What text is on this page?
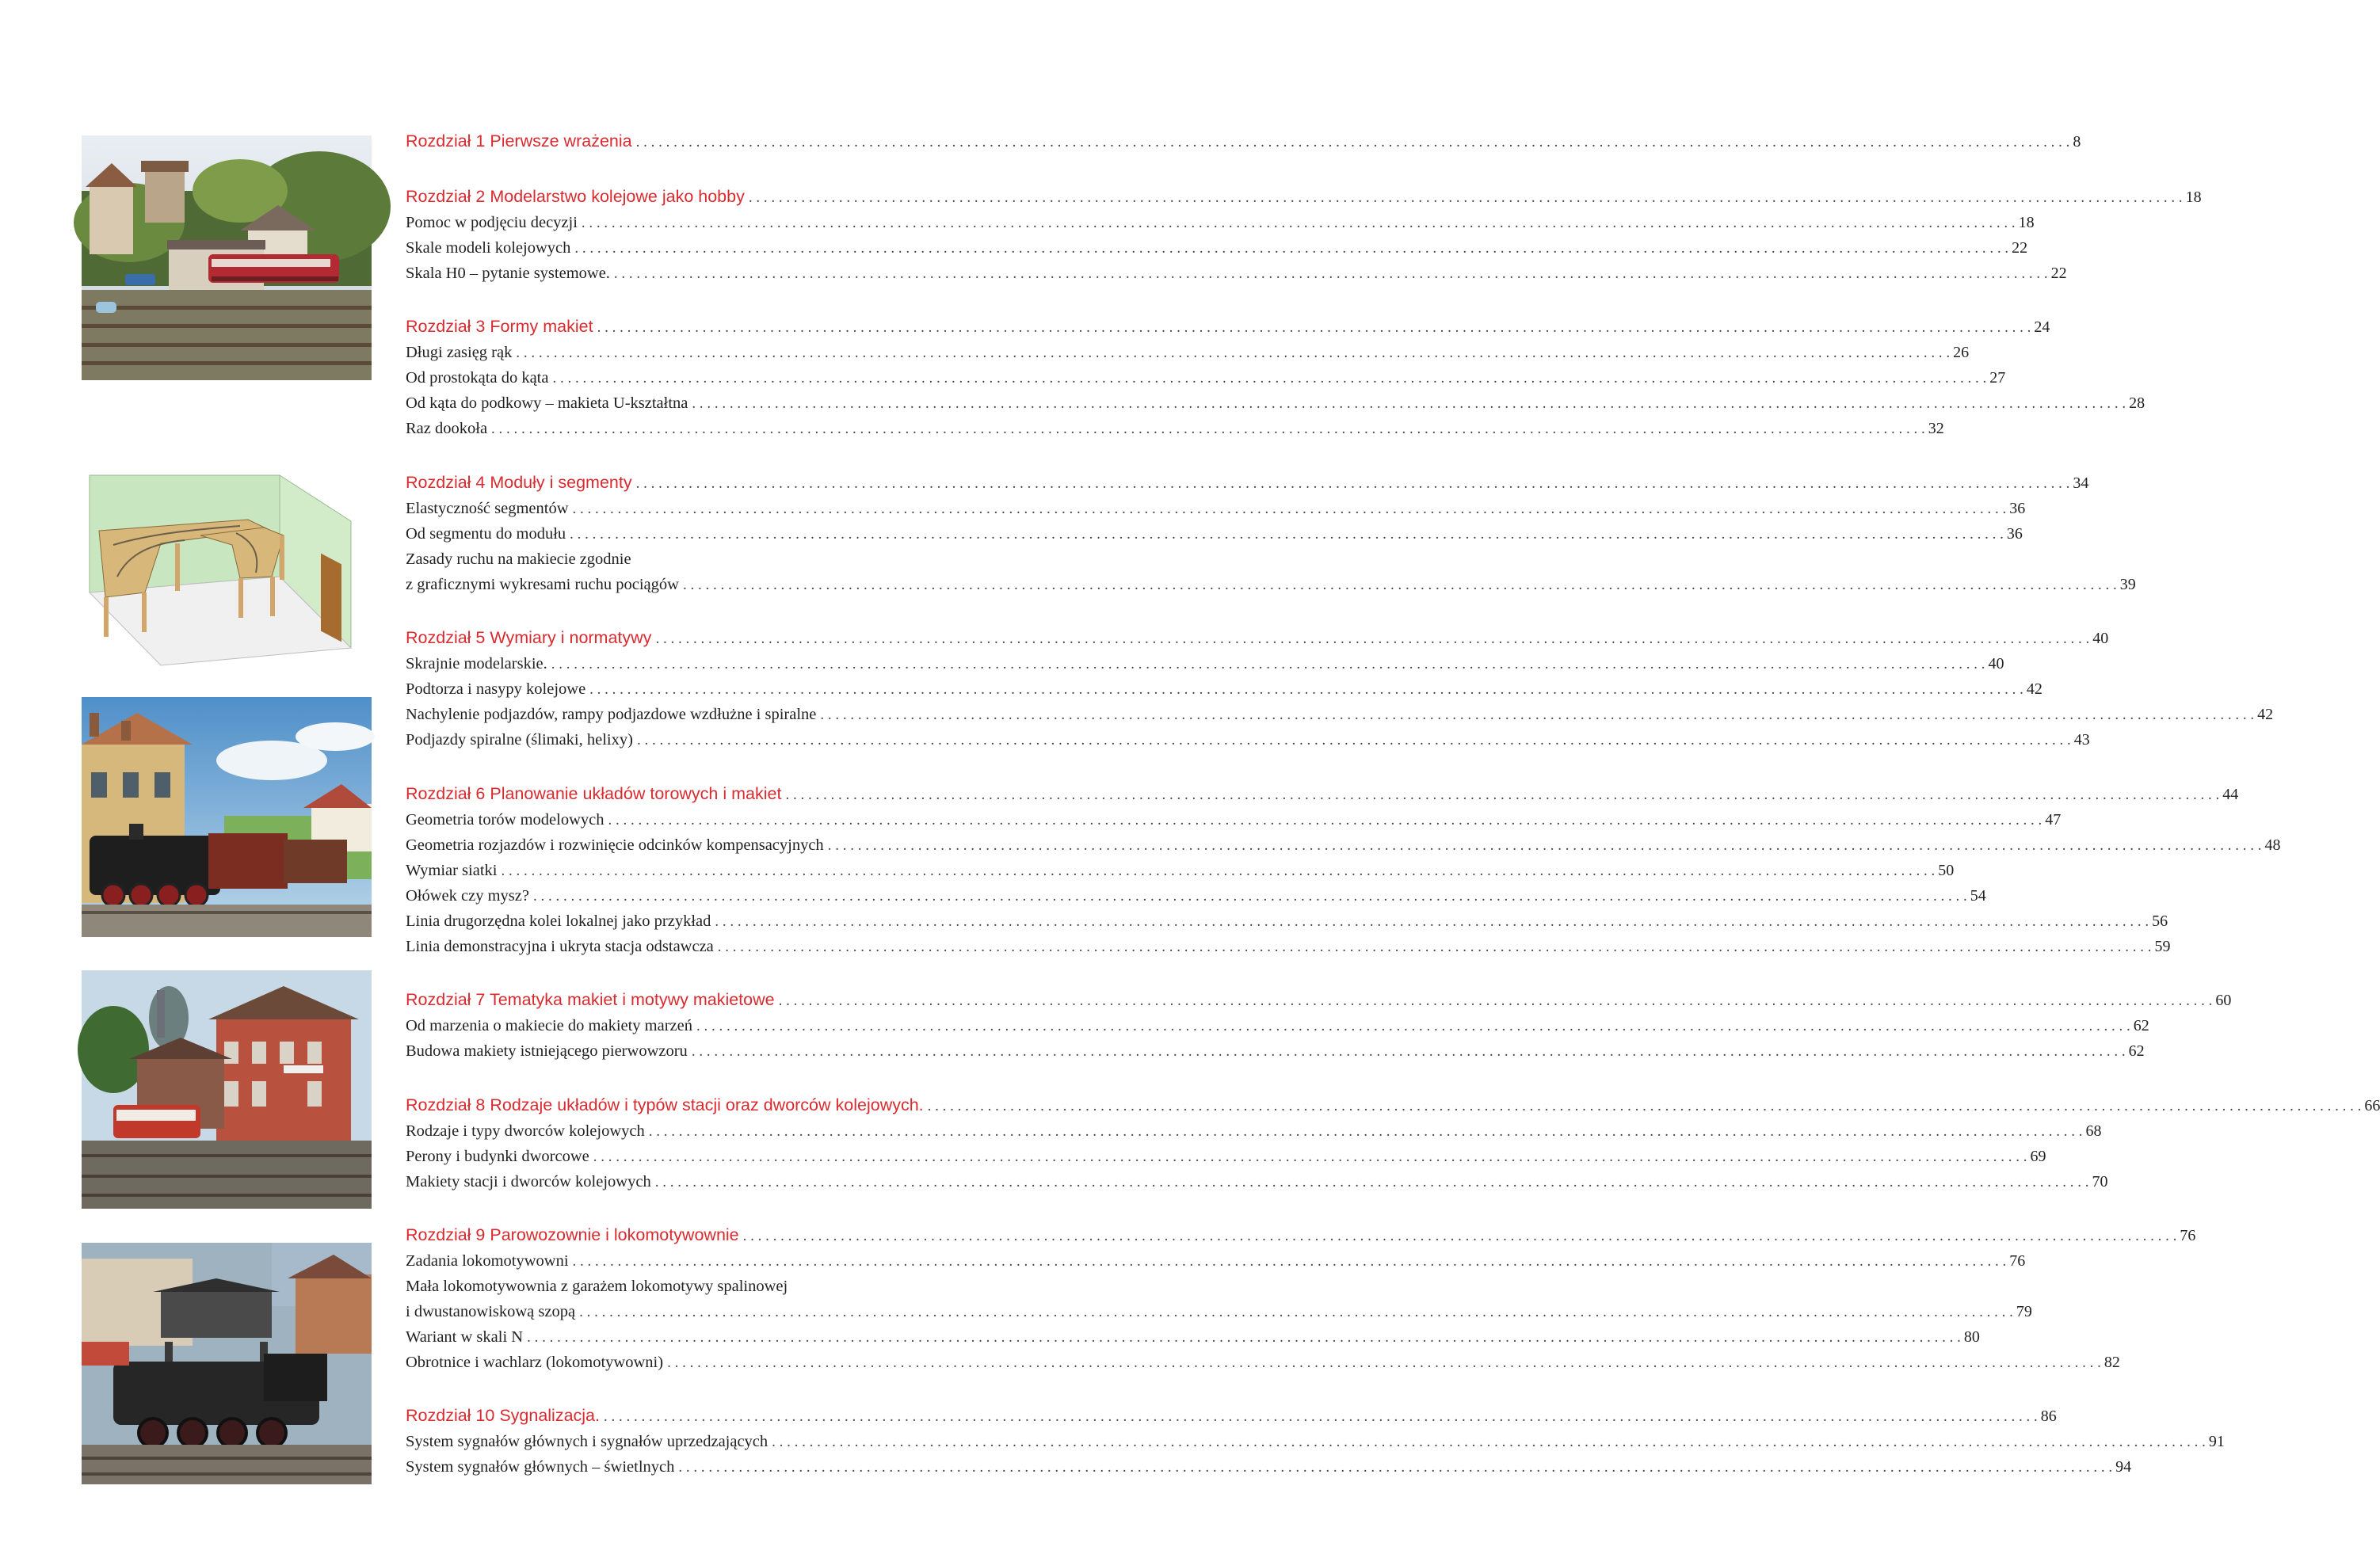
Rozdział 1 Pierwsze wrażenia . . .	8
Rozdział 2 Modelarstwo kolejowe jako hobby . . .	18
Pomoc w podjęciu decyzji . . .	18
Skale modeli kolejowych . . .	22
Skala H0 – pytanie systemowe. . . .	22
Rozdział 3 Formy makiet . . .	24
Długi zasięg rąk . . .	26
Od prostokąta do kąta . . .	27
Od kąta do podkowy – makieta U-kształtna . . .	28
Raz dookoła . . .	32
Rozdział 4 Moduły i segmenty . . .	34
Elastyczność segmentów . . .	36
Od segmentu do modułu . . .	36
Zasady ruchu na makiecie zgodnie
z graficznymi wykresami ruchu pociągów . . .	39
Rozdział 5 Wymiary i normatywy . . .	40
Skrajnie modelarskie. . . .	40
Podtorza i nasypy kolejowe . . .	42
Nachylenie podjazdów, rampy podjazdowe wzdłużne i spiralne . . .	42
Podjazdy spiralne (ślimaki, helixy) . . .	43
Rozdział 6 Planowanie układów torowych i makiet . . .	44
Geometria torów modelowych . . .	47
Geometria rozjazdów i rozwinięcie odcinków kompensacyjnych . . .	48
Wymiar siatki . . .	50
Ołówek czy mysz? . . .	54
Linia drugorzędna kolei lokalnej jako przykład . . .	56
Linia demonstracyjna i ukryta stacja odstawcza . . .	59
Rozdział 7 Tematyka makiet i motywy makietowe . . .	60
Od marzenia o makiecie do makiety marzeń . . .	62
Budowa makiety istniejącego pierwowzoru . . .	62
Rozdział 8 Rodzaje układów i typów stacji oraz dworców kolejowych. . . .	66
Rodzaje i typy dworców kolejowych . . .	68
Perony i budynki dworcowe . . .	69
Makiety stacji i dworców kolejowych . . .	70
Rozdział 9 Parowozownie i lokomotywownie . . .	76
Zadania lokomotywowni . . .	76
Mała lokomotywownia z garażem lokomotywy spalinowej
i dwustanowiskową szopą . . .	79
Wariant w skali N . . .	80
Obrotnice i wachlarz (lokomotywowni) . . .	82
Rozdział 10 Sygnalizacja. . . .	86
System sygnałów głównych i sygnałów uprzedzających . . .	91
System sygnałów głównych – świetlnych . . .	94
